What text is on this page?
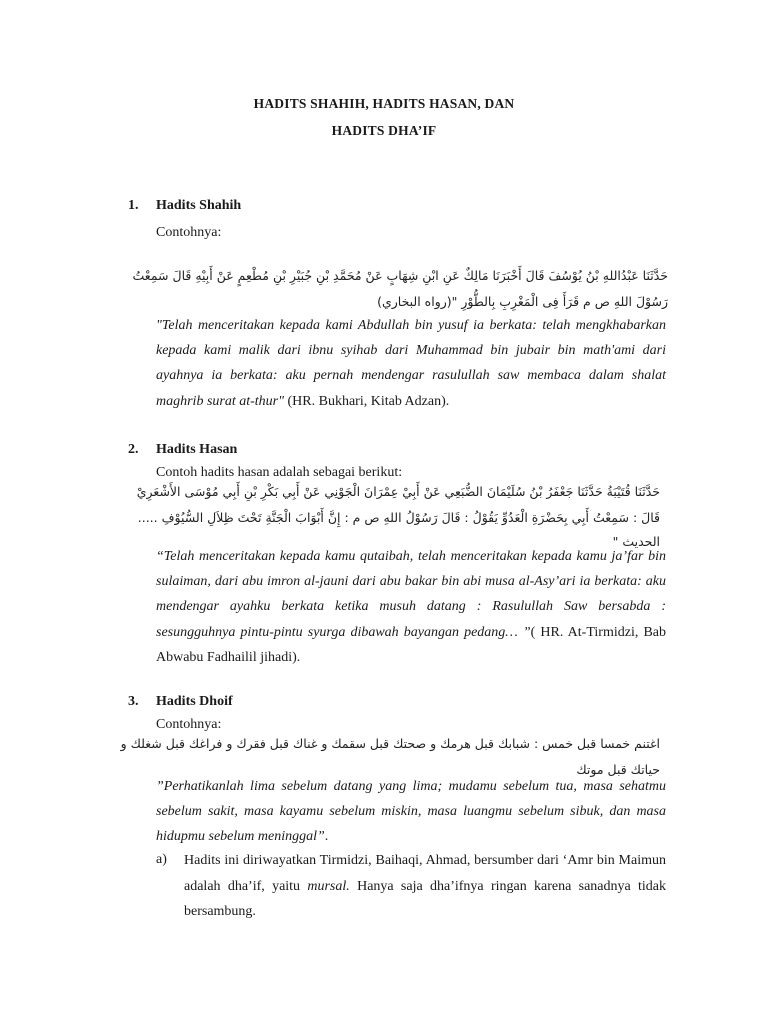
HADITS SHAHIH, HADITS HASAN, DAN
HADITS DHA’IF
1. Hadits Shahih
Contohnya:
حَدَّثَنَا عَبْدُاللهِ بْنُ يُوْسُفَ قَالَ أَخْبَرَنَا مَالِكٌ عَنِ ابْنِ شِهَابٍ عَنْ مُحَمَّدِ بْنِ جُبَيْرِ بْنِ مُطْعِمٍ عَنْ أَبِيْهِ قَالَ سَمِعْتُ
رَسُوْلَ اللهِ ص م قَرَأَ فِى الْمَغْرِبِ بِالطُّوْرِ "(رواه البخاري)
"Telah menceritakan kepada kami Abdullah bin yusuf ia berkata: telah mengkhabarkan kepada kami malik dari ibnu syihab dari Muhammad bin jubair bin math'ami dari ayahnya ia berkata: aku pernah mendengar rasulullah saw membaca dalam shalat maghrib surat at-thur" (HR. Bukhari, Kitab Adzan).
2. Hadits Hasan
Contoh hadits hasan adalah sebagai berikut:
حَدَّثَنَا قُتَيْبَةُ حَدَّثَنَا جَعْفَرُ بْنُ سُلَيْمَانَ الضُّبَعِي عَنْ أَبِيْ عِمْرَانَ الْجَوْنِي عَنْ أَبِي بَكْرِ بْنِ أَبِي مُوْسَى الأَشْعَرِيْ
قَالَ : سَمِعْتُ أَبِي بِحَضْرَةِ الْعَدُوِّ يَقُوْلُ : قَالَ رَسُوْلُ اللهِ ص م : إِنَّ أَبْوَابَ الْجَنَّةِ تَحْتَ ظِلاَلِ السُّيُوْفِ .....
الحديث "
“Telah menceritakan kepada kamu qutaibah, telah menceritakan kepada kamu ja’far bin sulaiman, dari abu imron al-jauni dari abu bakar bin abi musa al-Asy’ari ia berkata: aku mendengar ayahku berkata ketika musuh datang : Rasulullah Saw bersabda : sesungguhnya pintu-pintu syurga dibawah bayangan pedang… ”( HR. At-Tirmidzi, Bab Abwabu Fadhailil jihadi).
3. Hadits Dhoif
Contohnya:
اغتنم خمسا قبل خمس : شبابك قبل هرمك و صحتك قبل سقمك و غناك قبل فقرك و فراغك قبل شغلك و
حياتك قبل موتك
”Perhatikanlah lima sebelum datang yang lima; mudamu sebelum tua, masa sehatmu sebelum sakit, masa kayamu sebelum miskin, masa luangmu sebelum sibuk, dan masa hidupmu sebelum meninggal”.
a) Hadits ini diriwayatkan Tirmidzi, Baihaqi, Ahmad, bersumber dari ‘Amr bin Maimun adalah dha’if, yaitu mursal. Hanya saja dha’ifnya ringan karena sanadnya tidak bersambung.
